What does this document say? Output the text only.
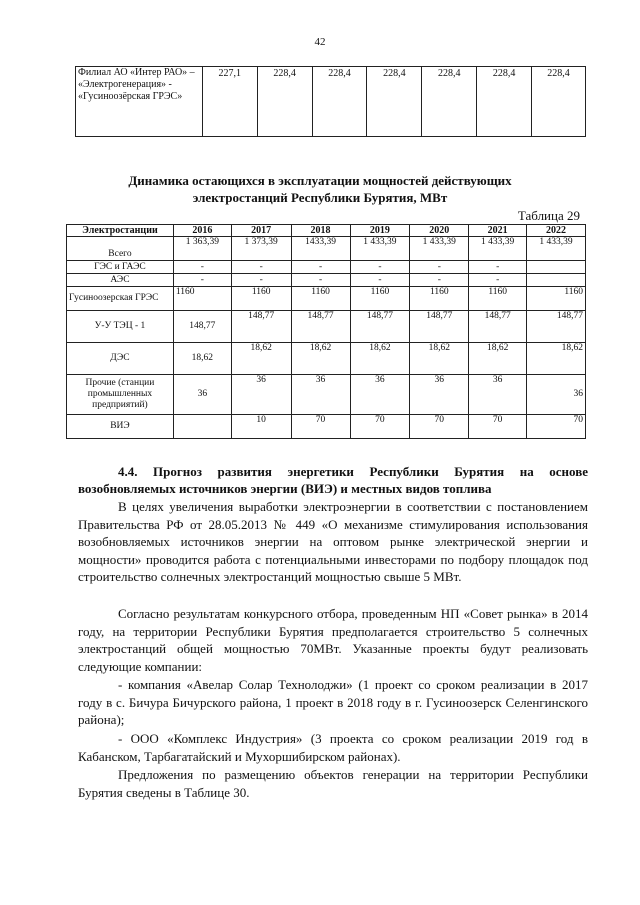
42
Филиал АО «Интер РАО» – «Электрогенерация» - «Гусиноозёрская ГРЭС»	227,1	228,4	228,4	228,4	228,4	228,4	228,4
Динамика остающихся в эксплуатации мощностей действующих
электростанций Республики Бурятия, МВт
Таблица 29
Электростанции	2016	2017	2018	2019	2020	2021	2022
Всего	1 363,39	1 373,39	1433,39	1 433,39	1 433,39	1 433,39	1 433,39
ГЭС и ГАЭС	-	-	-	-	-	-	
АЭС	-	-	-	-	-	-	
Гусиноозерская ГРЭС	1160	1160	1160	1160	1160	1160	1160
У-У ТЭЦ - 1	148,77	148,77	148,77	148,77	148,77	148,77	148,77
ДЭС	18,62	18,62	18,62	18,62	18,62	18,62	18,62
Прочие (станции промышленных предприятий)	36	36	36	36	36	36	36
ВИЭ		10	70	70	70	70	70
4.4. Прогноз развития энергетики Республики Бурятия на основе возобновляемых источников энергии (ВИЭ) и местных видов топлива

В целях увеличения выработки электроэнергии в соответствии с постановлением Правительства РФ от 28.05.2013 № 449 «О механизме стимулирования использования возобновляемых источников энергии на оптовом рынке электрической энергии и мощности» проводится работа с потенциальными инвесторами по подбору площадок под строительство солнечных электростанций мощностью свыше 5 МВт.

Согласно результатам конкурсного отбора, проведенным НП «Совет рынка» в 2014 году, на территории Республики Бурятия предполагается строительство 5 солнечных электростанций общей мощностью 70МВт. Указанные проекты будут реализовать следующие компании:

- компания «Авелар Солар Технолоджи» (1 проект со сроком реализации в 2017 году в с. Бичура Бичурского района, 1 проект в 2018 году в г. Гусиноозерск Селенгинского района);

- ООО «Комплекс Индустрия» (3 проекта со сроком реализации 2019 год в Кабанском, Тарбагатайский и Мухоршибирском районах).

Предложения по размещению объектов генерации на территории Республики Бурятия сведены в Таблице 30.
